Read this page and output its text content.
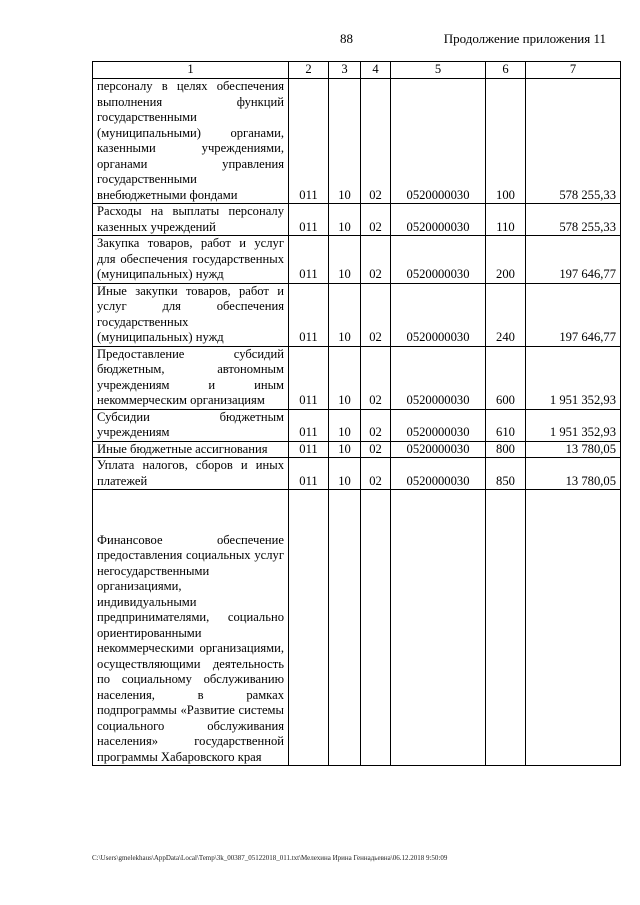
88	Продолжение приложения 11
1	2	3	4	5	6	7
персоналу в целях обеспечения выполнения функций государственными (муниципальными) органами, казенными учреждениями, органами управления государственными внебюджетными фондами	011	10	02	0520000030	100	578 255,33
Расходы на выплаты персоналу казенных учреждений	011	10	02	0520000030	110	578 255,33
Закупка товаров, работ и услуг для обеспечения государственных (муниципальных) нужд	011	10	02	0520000030	200	197 646,77
Иные закупки товаров, работ и услуг для обеспечения государственных (муниципальных) нужд	011	10	02	0520000030	240	197 646,77
Предоставление субсидий бюджетным, автономным учреждениям и иным некоммерческим организациям	011	10	02	0520000030	600	1 951 352,93
Субсидии бюджетным учреждениям	011	10	02	0520000030	610	1 951 352,93
Иные бюджетные ассигнования	011	10	02	0520000030	800	13 780,05
Уплата налогов, сборов и иных платежей	011	10	02	0520000030	850	13 780,05
Финансовое обеспечение предоставления социальных услуг негосударственными организациями, индивидуальными предпринимателями, социально ориентированными некоммерческими организациями, осуществляющими деятельность по социальному обслуживанию населения, в рамках подпрограммы «Развитие системы социального обслуживания населения» государственной программы Хабаровского края						
C:\Users\gmelekhaus\AppData\Local\Temp\3k_00387_05122018_011.txt\Мелехина Ирина Геннадьевна\06.12.2018 9:50:09
